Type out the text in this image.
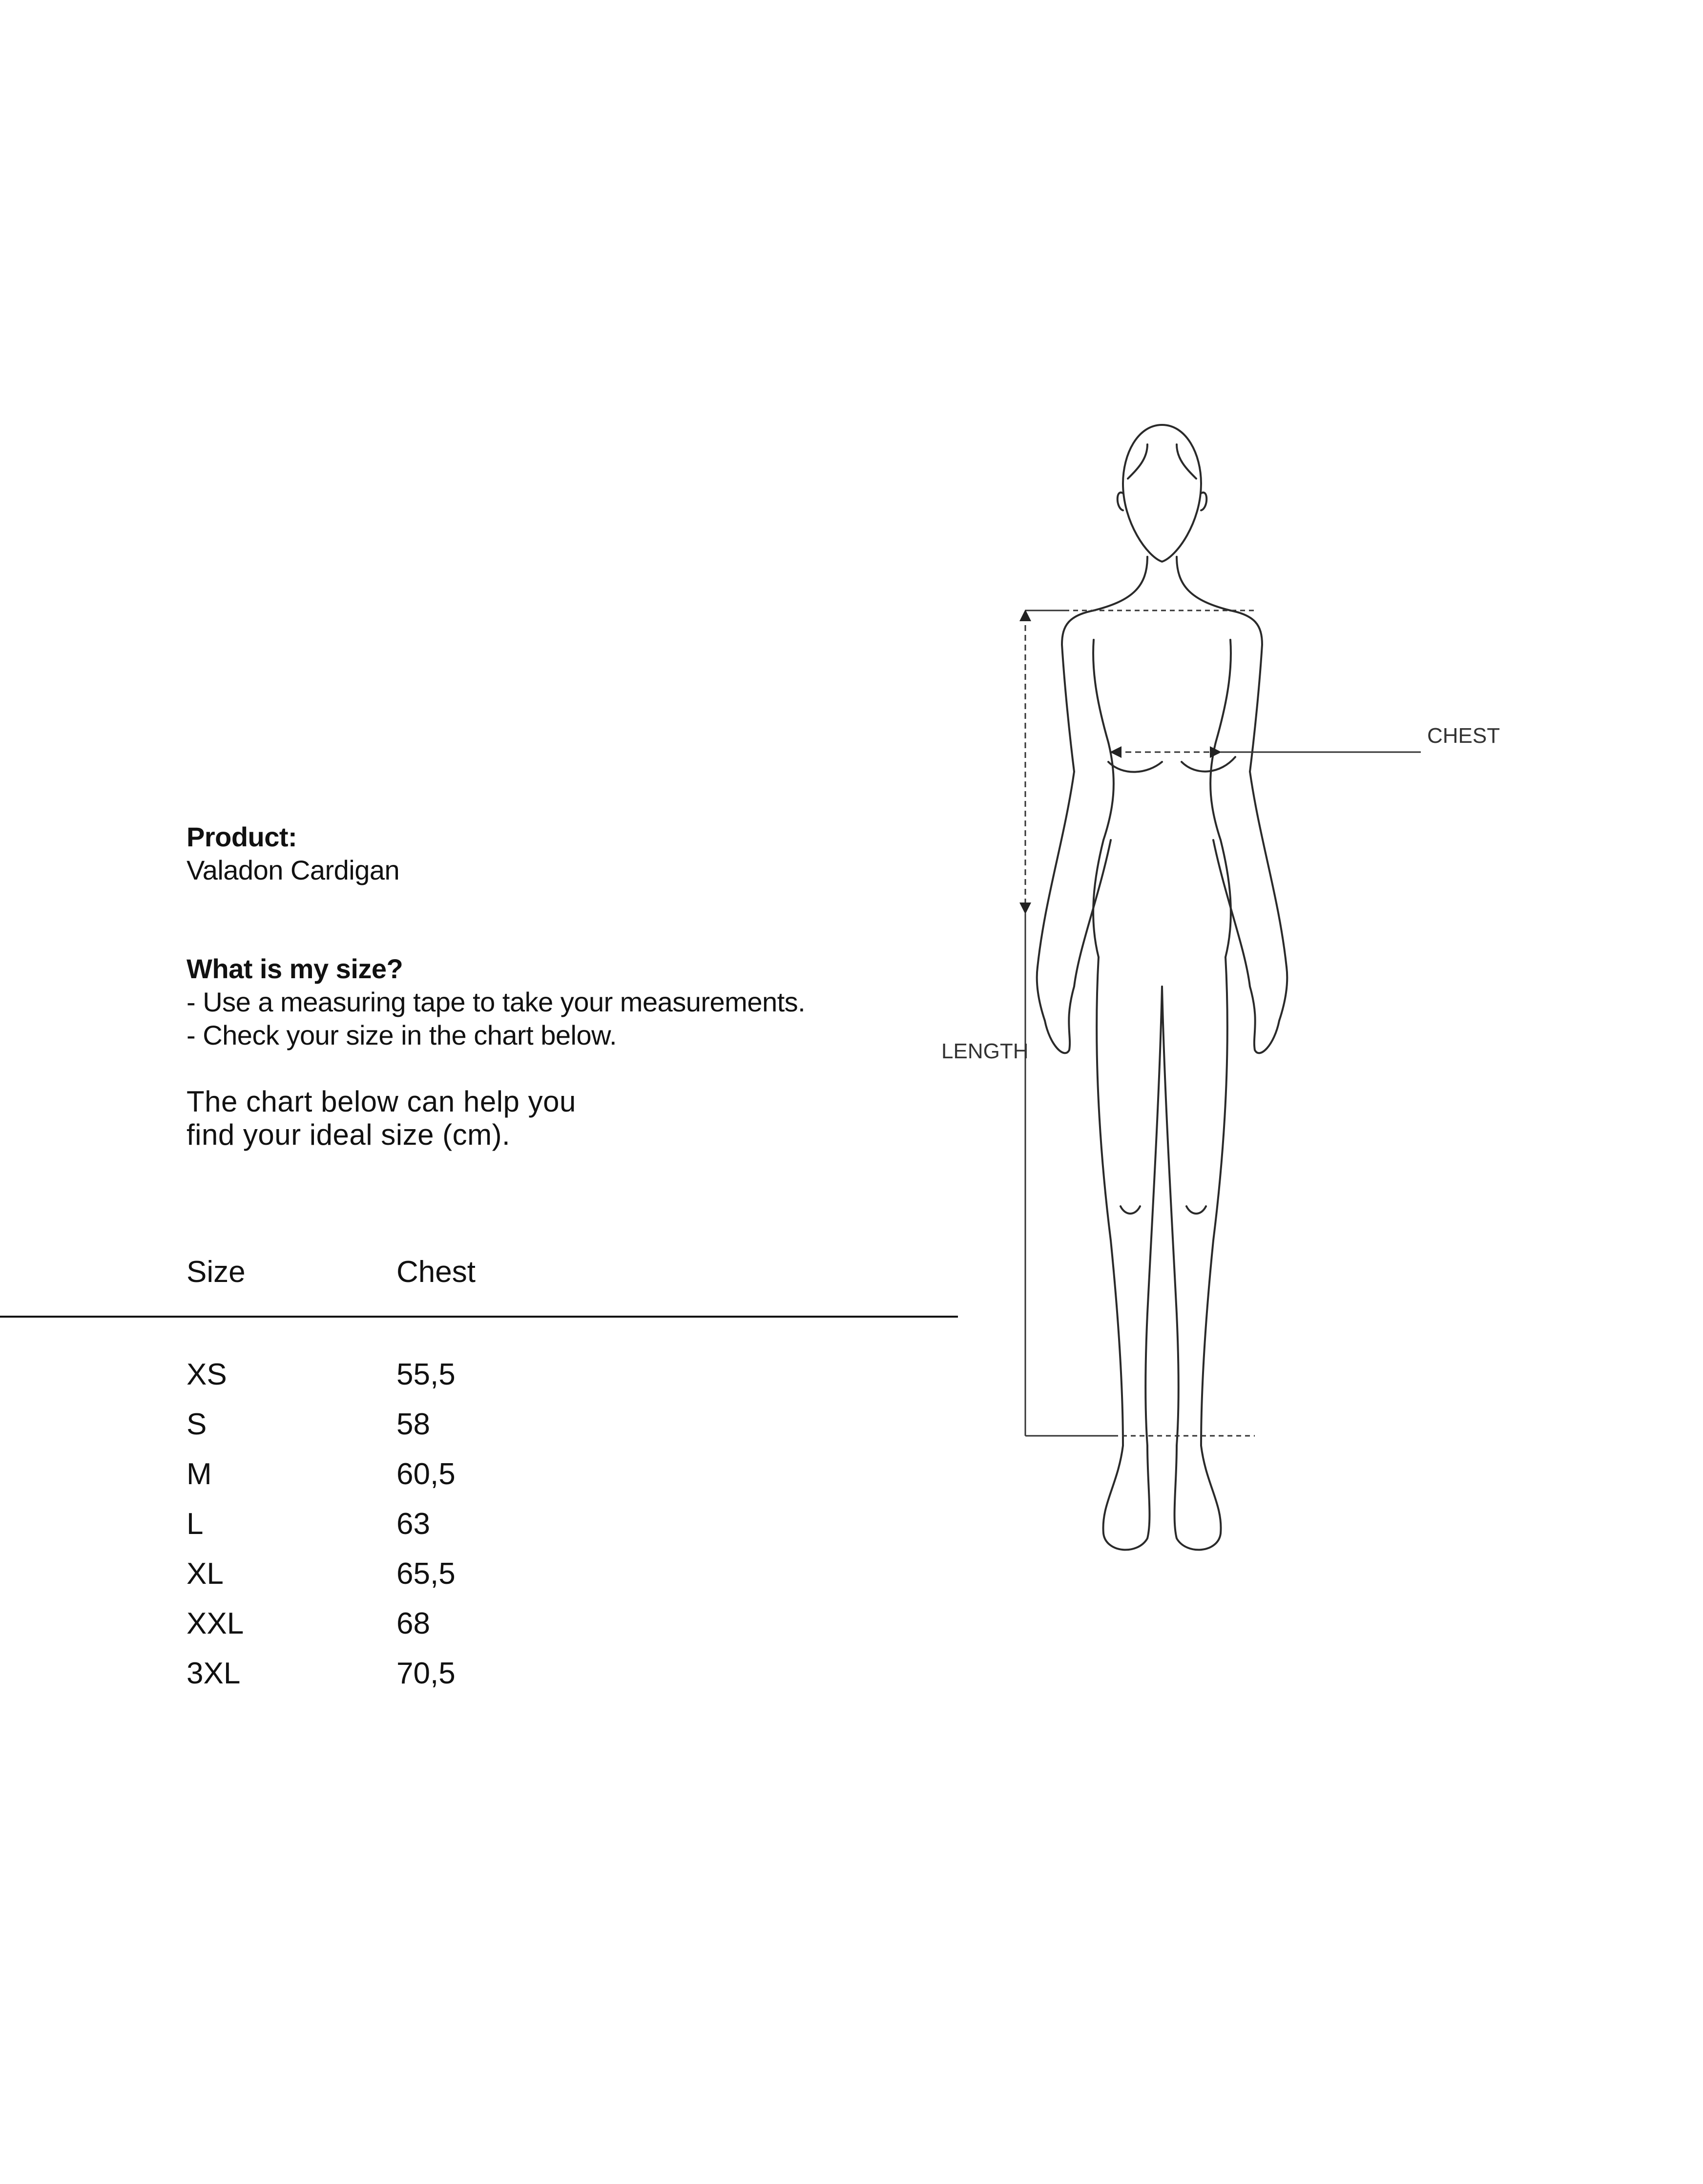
Product:
Valadon Cardigan
What is my size?
- Use a measuring tape to take your measurements.
- Check your size in the chart below.
The chart below can help you
find your ideal size (cm).
Size	Chest
XS	55,5
S	58
M	60,5
L	63
XL	65,5
XXL	68
3XL	70,5
CHEST
LENGTH
